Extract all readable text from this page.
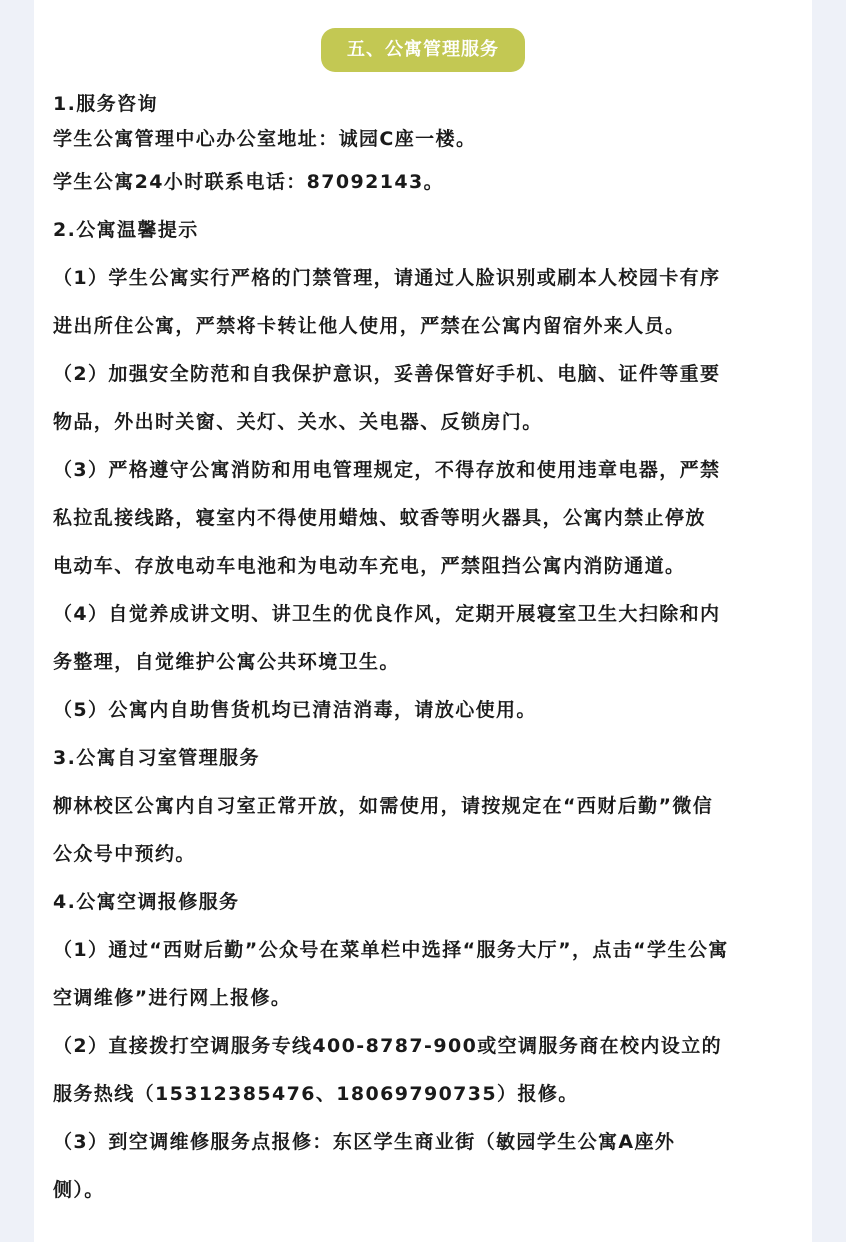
五、公寓管理服务
1.服务咨询
学生公寓管理中心办公室地址：诚园C座一楼。
学生公寓24小时联系电话：87092143。
2.公寓温馨提示
（1）学生公寓实行严格的门禁管理，请通过人脸识别或刷本人校园卡有序
进出所住公寓，严禁将卡转让他人使用，严禁在公寓内留宿外来人员。
（2）加强安全防范和自我保护意识，妥善保管好手机、电脑、证件等重要
物品，外出时关窗、关灯、关水、关电器、反锁房门。
（3）严格遵守公寓消防和用电管理规定，不得存放和使用违章电器，严禁
私拉乱接线路，寝室内不得使用蜡烛、蚊香等明火器具，公寓内禁止停放
电动车、存放电动车电池和为电动车充电，严禁阻挡公寓内消防通道。
（4）自觉养成讲文明、讲卫生的优良作风，定期开展寝室卫生大扫除和内
务整理，自觉维护公寓公共环境卫生。
（5）公寓内自助售货机均已清洁消毒，请放心使用。
3.公寓自习室管理服务
柳林校区公寓内自习室正常开放，如需使用，请按规定在“西财后勤”微信
公众号中预约。
4.公寓空调报修服务
（1）通过“西财后勤”公众号在菜单栏中选择“服务大厅”，点击“学生公寓
空调维修”进行网上报修。
（2）直接拨打空调服务专线400-8787-900或空调服务商在校内设立的
服务热线（15312385476、18069790735）报修。
（3）到空调维修服务点报修：东区学生商业街（敏园学生公寓A座外
侧）。
